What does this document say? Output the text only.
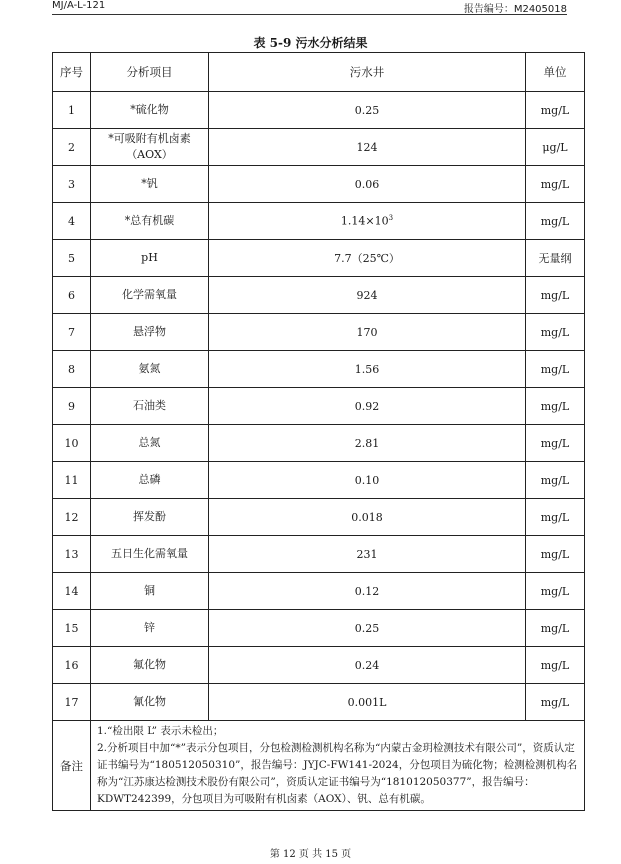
MJ/A-L-121	报告编号：M2405018
表 5-9 污水分析结果
序号	分析项目	污水井	单位
1	*硫化物	0.25	mg/L
2	*可吸附有机卤素（AOX）	124	μg/L
3	*钒	0.06	mg/L
4	*总有机碳	$1.14\times 10^3$	mg/L
5	pH	7.7（25℃）	无量纲
6	化学需氧量	924	mg/L
7	悬浮物	170	mg/L
8	氨氮	1.56	mg/L
9	石油类	0.92	mg/L
10	总氮	2.81	mg/L
11	总磷	0.10	mg/L
12	挥发酚	0.018	mg/L
13	五日生化需氧量	231	mg/L
14	铜	0.12	mg/L
15	锌	0.25	mg/L
16	氟化物	0.24	mg/L
17	氰化物	0.001L	mg/L
备注	1.“检出限 L” 表示未检出；

2.分析项目中加“*”表示分包项目，分包检测检测机构名称为“内蒙古金玥检测技术有限公司”，资质认定证书编号为“180512050310”，报告编号：JYJC-FW141-2024，分包项目为硫化物；检测检测机构名称为“江苏康达检测技术股份有限公司”，资质认定证书编号为“181012050377”，报告编号：KDWT242399，分包项目为可吸附有机卤素（AOX）、钒、总有机碳。		

第 12 页 共 15 页
